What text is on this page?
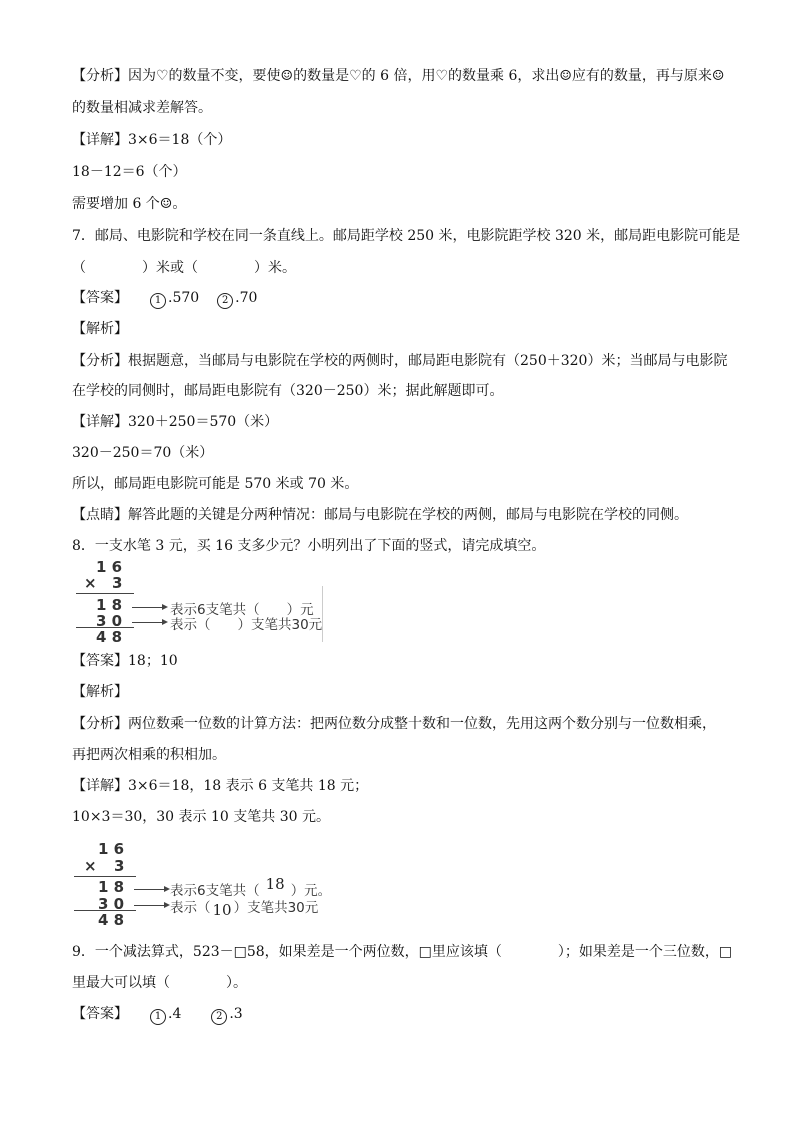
【分析】因为♡的数量不变，要使☺的数量是♡的 6 倍，用♡的数量乘 6，求出☺应有的数量，再与原来☺
的数量相减求差解答。
【详解】3×6＝18（个）
18－12＝6（个）
需要增加 6 个☺。
7．邮局、电影院和学校在同一条直线上。邮局距学校 250 米，电影院距学校 320 米，邮局距电影院可能是
（　　　　）米或（　　　　）米。
【答案】	1 .570 2 .70
【解析】
【分析】根据题意，当邮局与电影院在学校的两侧时，邮局距电影院有（250＋320）米；当邮局与电影院
在学校的同侧时，邮局距电影院有（320－250）米；据此解题即可。
【详解】320＋250＝570（米）
320－250＝70（米）
所以，邮局距电影院可能是 570 米或 70 米。
【点睛】解答此题的关键是分两种情况：邮局与电影院在学校的两侧，邮局与电影院在学校的同侧。
8．一支水笔 3 元，买 16 支多少元？小明列出了下面的竖式，请完成填空。
1 6
× 3
1 8	表示6支笔共（　　）元
3 0	表示（　　）支笔共30元
4 8
【答案】18；10
【解析】
【分析】两位数乘一位数的计算方法：把两位数分成整十数和一位数，先用这两个数分别与一位数相乘，
再把两次相乘的积相加。
【详解】3×6＝18，18 表示 6 支笔共 18 元；
10×3＝30，30 表示 10 支笔共 30 元。
1 6
× 3
1 8	表示6支笔共（ 18 ）元。
3 0	表示（ 10 ）支笔共30元
4 8
9．一个减法算式，523－□58，如果差是一个两位数，□里应该填（　　　　）；如果差是一个三位数，□
里最大可以填（　　　　）。
【答案】	1 .4	2 .3
